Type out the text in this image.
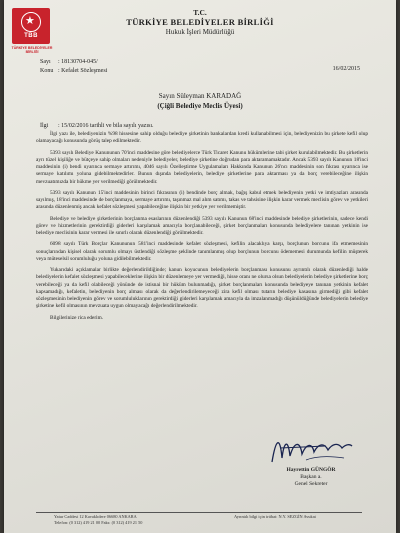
★
TBB
TÜRKİYE BELEDİYELER BİRLİĞİ
T.C.
TÜRKİYE BELEDİYELER BİRLİĞİ
Hukuk İşleri Müdürlüğü
Sayı : 18130704-045/
Konu : Kefalet Sözleşmesi	16/02/2015
Sayın Süleyman KARADAĞ
(Çiğli Belediye Meclis Üyesi)
İlgi : 15/02/2016 tarihli ve bila sayılı yazısı.

İlgi yazı ile, belediyenizin %98 hissesine sahip olduğu belediye şirketinin bankalardan kredi kullanabilmesi için, belediyenizin bu şirkete kefil olup olamayacağı konusunda görüş talep edilmektedir.

5393 sayılı Belediye Kanununun 70'inci maddesine göre belediyelerce Türk Ticaret Kanunu hükümlerine tabi şirket kurulabilmektedir. Bu şirketlerin ayrı tüzel kişiliğe ve bütçeye sahip olmaları nedeniyle belediyeler, belediye şirketine doğrudan para aktaramamaktadır. Ancak 5393 sayılı Kanunun 18'inci maddesinin (i) bendi uyarınca sermaye artırımı, 4046 sayılı Özelleştirme Uygulamaları Hakkında Kanunun 26'ncı maddesinin son fıkrası uyarınca ise sermaye katılımı yoluna gidebilmektedirler. Bunun dışında belediyelerin, belediye şirketlerine para aktarması ya da borç verebileceğine ilişkin mevzuatımızda bir hükme yer verilmediği görülmektedir.

5393 sayılı Kanunun 15'inci maddesinin birinci fıkrasının (i) bendinde borç almak, bağış kabul etmek belediyenin yetki ve imtiyazları arasında sayılmış, 18'inci maddesinde de borçlanmaya, sermaye artırımı, taşınmaz mal alım satımı, takas ve tahsisine ilişkin karar vermek meclisin görev ve yetkileri arasında düzenlenmiş ancak kefalet sözleşmesi yapabileceğine ilişkin bir yetkiye yer verilmemiştir.

Belediye ve belediye şirketlerinin borçlanma esaslarının düzenlendiği 5393 sayılı Kanunun 68'inci maddesinde belediye şirketlerinin, sadece kendi görev ve hizmetlerinin gerektirdiği giderleri karşılamak amacıyla borçlanabileceği, şirket borçlanmaları konusunda belediyelere tanınan yetkinin ise belediye meclisinin karar vermesi ile sınırlı olarak düzenlendiği görülmektedir.

6098 sayılı Türk Borçlar Kanununun 581'inci maddesinde kefalet sözleşmesi, kefilin alacaklıya karşı, borçlunun borcunu ifa etmemesinin sonuçlarından kişisel olarak sorumlu olmayı üstlendiği sözleşme şeklinde tanımlanmış olup borçlunun borcunu ödememesi durumunda kefilin müşterek veya müteselsil sorumluluğu yoluna gidilebilmektedir.

Yukarıdaki açıklamalar birlikte değerlendirildiğinde; kanun koyucunun belediyelerin borçlanması konusunu ayrıntılı olarak düzenlediği halde belediyelerin kefalet sözleşmesi yapabileceklerine ilişkin bir düzenlemeye yer vermediği, hisse oranı ne olursa olsun belediyelerin belediye şirketlerine borç verebileceği ya da kefil olabileceği yönünde de istisnai bir hüküm bulunmadığı, şirket borçlanmaları konusunda belediyeye tanınan yetkinin kefalet kapsamadığı, kefaletin, belediyenin borç alması olarak da değerlendirilemeyeceği zira kefil olması tutarın belediye kasasına girmediği gibi kefalet sözleşmesinin belediyenin görev ve sorumluluklarının gerektirdiği giderleri karşılamak amacıyla da imzalanmadığı düşünüldüğünde belediyelerin belediye şirketine kefil olmasının mevzuata uygun olmayacağı değerlendirilmektedir.

Bilgilerinize rica ederim.

Hayrettin GÜNGÖR
Başkan a.
Genel Sekreter
Yatur Caddesi 12 Kavaklıdere 06680 ANKARA
Telefon: (0 312) 419 21 00 Faks: (0 312) 419 21 50
Ayrıntılı bilgi için irtibat: N.Y. SEZGİN Avukat
